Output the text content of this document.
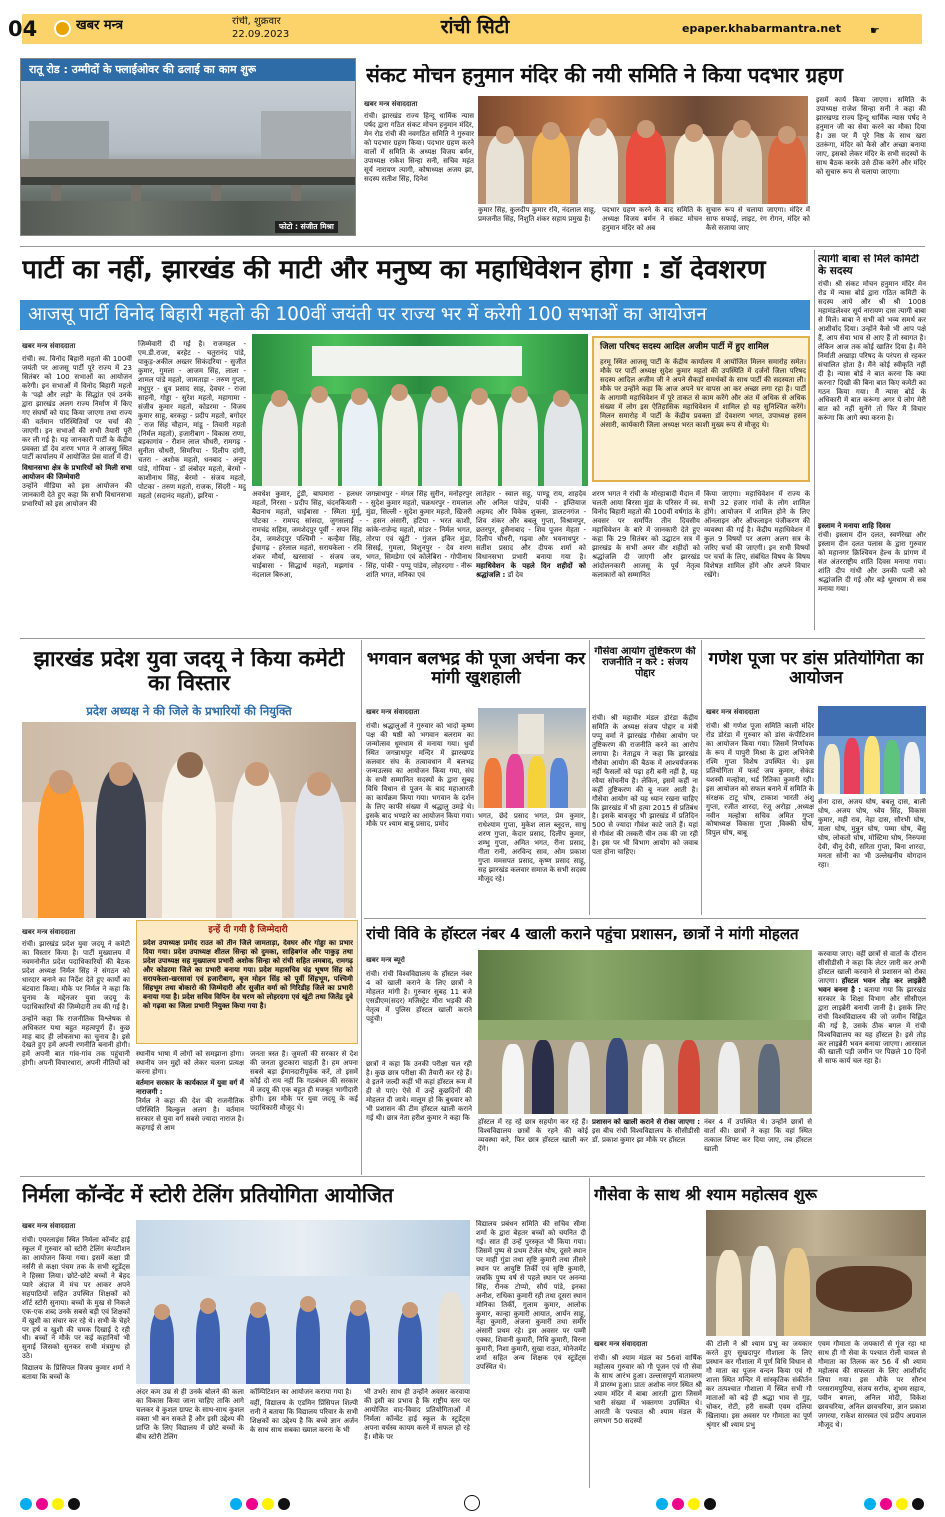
04	खबर मन्त्र	रांची, शुक्रवार
22.09.2023	रांची सिटी	epaper.khabarmantra.net	☛
रातू रोड : उम्मीदों के फ्लाईओवर की ढलाई का काम शुरू
फोटो : संजीत मिश्रा
संकट मोचन हनुमान मंदिर की नयी समिति ने किया पदभार ग्रहण
खबर मन्त्र संवाददाता
रांची। झारखंड राज्य हिन्दू धार्मिक न्यास पर्षद द्वारा गठित संकट मोचन हनुमान मंदिर, मेन रोड रांची की नवगठित समिति ने गुरुवार को पदभार ग्रहण किया। पदभार ग्रहण करने वालों में समिति के अध्यक्ष विजय बर्मन, उपाध्यक्ष राकेश सिन्हा सनी, सचिव महंत सूर्य नारायण त्यागी, कोषाध्यक्ष अजय झा, सदस्य सतीश सिंह, दिनेश
कुमार सिंह, कुलदीप कुमार रवि, नंदलाल साहू, प्रमजनीत सिंह, निशुति शंकर सहाय प्रमुख है।
पदभार ग्रहण करने के बाद समिति के अध्यक्ष विजय बर्मन ने संकट मोचन हनुमान मंदिर को अब
सुचारु रूप से चलाया जाएगा। मंदिर में साफ सफाई, लाइट, रंग रोगन, मंदिर को कैसे सजाया जाए
इसमें कार्य किया जाएगा। समिति के उपाध्यक्ष राजेश सिन्हा सनी ने कहा की झारखण्ड राज्य हिन्दू धार्मिक न्यास पर्षद ने हनुमान जी का सेवा करने का मौका दिया है। उस पर मैं पूरे निष्ठ के साथ खरा उतरूंगा, मंदिर को कैसे और अच्छा बनाया जाए, इसको लेकर मंदिर के सभी सदस्यों के साथ बैठक करके उसे ठीक करेंगे और मंदिर को सुचारु रूप से चलाया जाएगा।
पार्टी का नहीं, झारखंड की माटी और मनुष्य का महाधिवेशन होगा : डॉ देवशरण
आजसू पार्टी विनोद बिहारी महतो की 100वीं जयंती पर राज्य भर में करेगी 100 सभाओं का आयोजन
खबर मन्त्र संवाददाता
रांची। स्व. विनोद बिहारी महतो की 100वीं जयंती पर आजसू पार्टी पूरे राज्य में 23 सितंबर को 100 सभाओं का आयोजन करेगी। इन सभाओं में विनोद बिहारी महतो के 'पढ़ो और लड़ो' के सिद्धांत एवं उनके द्वारा झारखंड अलग राज्य निर्माण में किए गए संघर्षों को याद किया जाएगा तथा राज्य की वर्तमान परिस्थितियों पर चर्चा की जाएगी। इन सभाओं की सभी तैयारी पूरी कर ली गई है। यह जानकारी पार्टी के केंद्रीय प्रवक्ता डॉ देव शरण भगत ने आजसू स्थित पार्टी कार्यालय में आयोजित प्रेस वार्ता में दी।
विधानसभा क्षेत्र के प्रभारियों को मिली सभा आयोजन की जिम्मेवारी
उन्होंने मीडिया को इस आयोजन की जानकारी देते हुए कहा कि सभी विधानसभा प्रभारियों को इस आयोजन की
जिम्मेवारी दी गई है। राजमहल - एम.डी.राजा, बरहेट - चतुरानंद पांडे, पाकुड़-अकील अख्तर सिकंदरिया - सुजीत कुमार, गुमला - आजम सिंह, लाला - शामल पांडे महतो, जामताड़ा - तरुण गुप्ता, मधुपुर - ध्रुव प्रसाद साह, देवघर - राजा साहनी, गोड्डा - सुरेश महतो, महागामा - संजीव कुमार महतो, कोडरमा - विजय कुमार साहू, बरकट्ठा - प्रदीप महतो, बगोदर - राज सिंह चौहान, मांडू - तिवारी महतो (निर्मल महतो), हजारीबाग - विकास राणा, बड़कागांव - रौशन लाल चौधरी, रामगढ़ - सुनीता चौधरी, सिमरिया - दिलीप दांगी, चतरा - अशोक महतो, धनबाद - अनूप पांडे, गोमिया - डॉ लंबोदर महतो, बेरमो - काशीनाथ सिंह, बेरमो - संजय महतो, पोटका - तरुण महतो, राजक, सिंदरी - मदु महतो (सदानंद महतो), झरिया -	अवधेश कुमार, टुंडी, बाघमारा - हलधर महतो, निरसा - प्रदीप सिंह, चंदनकियारी - बैद्यनाथ महतो, चाईबासा - स्मिता मुर्मू, पोटका - रामपद सांसदा, जुगसलाई - रामचंद्र सहिस, जमशेदपुर पूर्वी - सपन सिंह देव, जमशेदपुर पश्चिमी - कन्हैया सिंह, ईचागढ़ - हरेलाल महतो, सरायकेला - रवि शंकर मौर्या, खरसावां - संजय जय, चाईबासा - सिद्धार्थ महतो, मझगांव - नंदलाल बिरुआ,
जगन्नाथपुर - मंगल सिंह सुरीन, मनोहरपुर - सुदेश कुमार महतो, चक्रधरपुर - रामलाल मुंडा, सिल्ली - सुदेश कुमार महतो, खिजरी - हसन अंसारी, हटिया - भरत काशी, कांके-राजेन्द्र महतो, मांडर - निर्मल भगत, तोरपा एवं खूंटी - गुंजल इकिर मुंडा, सिसई, गुमला, विशुनपुर - देव शरण भगत, सिमडेगा एवं कोलेबिरा - गोपीनाथ सिंह, पांकी - पप्पू पांडेय, लोहरदगा - नीरू शांति भगत, मनिका एवं
लातेहार - स्वाल सहू, पाण्डू राय, शाहदेव और अनिल पांडेय, पांकी - इम्तियाज अहमद और विवेक शुक्ला, डालटनगंज - शिव शंकर और बबलू गुप्ता, विश्रामपुर, छतरपुर, हुसैनाबाद - शिव पूजन मेहता - दिलीप चौधरी, गढ़वा और भवनाथपुर - सतीश प्रसाद और दीपक शर्मा को विधानसभा प्रभारी बनाया गया है। महाधिवेशन के पहले दिन शहीदों को श्रद्धांजलि : डॉ देव
जिला परिषद सदस्य आदिल अजीम पार्टी में हुए शामिल
हरमू स्थित आजसू पार्टी के केंद्रीय कार्यालय में आयोजित मिलन समारोह समेत। मौके पर पार्टी अध्यक्ष सुदेश कुमार महतो की उपस्थिति में दर्जनों जिला परिषद सदस्य आदिल अजीम जी ने अपने सैकड़ों समर्थकों के साथ पार्टी की सदस्यता ली। मौके पर उन्होंने कहा कि आज अपने घर वापस आ कर अच्छा लगा रहा है। पार्टी के आगामी महाधिवेशन में पूरे ताकत से काम करेंगे और अंत में अधिक से अधिक संख्या में लोग इस ऐतिहासिक महाधिवेशन में शामिल हो यह सुनिश्चित करेंगे। मिलन समारोह में पार्टी के केंद्रीय प्रवक्ता डॉ देवशरण भगत, उपाध्यक्ष हसन अंसारी, कार्यकारी जिला अध्यक्ष भरत काशी मुख्य रूप से मौजूद थे।
शरण भगत ने रांची के मोरहाबादी मैदान में चलती आया बिरसा मुंडा के परिसर में स्व. विनोद बिहारी महतो की 100वीं वर्षगांठ के अवसर पर समर्पित तीन दिवसीय महाधिवेशन के बारे में जानकारी देते हुए कहा कि 29 सितंबर को उद्घाटन सत्र में झारखंड के सभी अमर वीर शहीदों को श्रद्धांजलि दी जाएगी और झारखंड आंदोलनकारी आजसू के पूर्व नेतृत्व कलाकारों को सम्मानित
किया जाएगा। महाधिवेशन में राज्य के सभी 32 हजार गांवों के लोग शामिल होंगे। आयोजन में शामिल होने के लिए ऑनलाइन और ऑफलाइन पंजीकरण की व्यवस्था की गई है। केंद्रीय महाधिवेशन में कुल 9 विषयों पर अलग अलग सत्र के जरिए चर्चा की जाएगी। इन सभी विषयों पर चर्चा के लिए, संबंधित विषय के विषय विशेषज्ञ शामिल होंगे और अपने विचार रखेंगे।
त्यागी बाबा से मिले कमिटी के सदस्य
रांची। श्री संकट मोचन हनुमान मंदिर मेन रोड में न्यास बोर्ड द्वारा गठित कमिटी के सदस्य आये और श्री श्री 1008 महामंडलेश्वर सूर्य नारायण दास त्यागी बाबा से मिले। बाबा ने सभी को भव्य समर्थ कर आशीर्वाद दिया। उन्होंने कैसे भी आप पक्षे हैं, आप सेवा भाव से आए हैं तो स्वागत है। लेकिन आज तक कोई खातिर दिया है। मैंने निर्माती अखाड़ा परिषद के परंपरा से रहकर संचालित होता है। मैंने कोई स्वीकृति नहीं दी है। न्यास बोर्ड ने बात करना कि क्या करना? दिखी की बिना बात किए कमेटी का गठन किया गया। मैं न्यास बोर्ड के अधिकारी में बात करूंगा अगर ये लोग मेरी बात को नहीं सुनेंगे तो फिर मैं विचार करूंगा कि आगे क्या करना है।
इस्लाम ने मनाया शाहि दिवस
रांची। इस्लाम दीन दलत, स्वर्णरेखा और इस्लाम दीन दलत पलास के द्वारा गुरुवार को महानगर क्रिश्चियन हेल्थ के प्रांगण में संत अंतरराष्ट्रीय शांति दिवस मनाया गया। शांति दीप गांधी और उनकी पत्नी को श्रद्धांजलि दी गई और बड़े धूमधाम से सब मनाया गया।
झारखंड प्रदेश युवा जदयू ने किया कमेटी का विस्तार
प्रदेश अध्यक्ष ने की जिले के प्रभारियों की नियुक्ति
खबर मन्त्र संवाददाता
रांची। झारखंड प्रदेश युवा जदयू ने कमेटी का विस्तार किया है। पार्टी मुख्यालय में नवमनोनीत प्रदेश पदाधिकारियों की बैठक प्रदेश अध्यक्ष निर्मल सिंह ने संगठन को धारदार बनाने का निर्देश देते हुए कार्यों का बंटवारा किया। मौके पर निर्मल ने कहा कि चुनाव के मद्देनजर युवा जदयू के पदाधिकारियों की जिम्मेदारी तय की गई है।
उन्होंने कहा कि राजनीतिक विश्लेषक से अधिकतर यथा बहुत महत्वपूर्ण हैं। कुछ माह बाद ही लोकसभा का चुनाव है। इसे देखते हुए हमें अपनी रणनीति बनानी होगी। हमें अपनी बात गांव-गांव तक पहुंचानी होगी। अपनी विचारधारा, अपनी नीतियों को
इन्हें दी गयी है जिम्मेदारी
प्रदेश उपाध्यक्ष प्रमोद राउत को तीन जिले जामताड़ा, देवघर और गोड्डा का प्रभार दिया गया। प्रदेश उपाध्यक्ष शीतल सिन्हा को दुमका, साहिबगंज और पाकुड़ तथा प्रदेश उपाध्यक्ष सह मुख्यालय प्रभारी अशोक सिन्हा को रांची सहित लमबाद, रामगढ़ और कोडरमा जिले का प्रभारी बनाया गया। प्रदेश महासचिव चंद्र भूषण सिंह को सरायकेला-खरसावां एवं हजारीबाग, बृज मोहन सिंह को पूर्वी सिंहभूम, पश्चिमी सिंहभूम तथा बोकारो की जिम्मेदारी और सुजीत वर्मा को गिरिडीह जिले का प्रभारी बनाया गया है। प्रदेश सचिव विपिन देव चरण को लोहरदगा एवं खूंटी तथा जितेंद्र दुबे को गढ़वा का जिला प्रभारी नियुक्त किया गया है।
स्थानीय भाषा में लोगों को समझाना होगा। स्थानीय जन मुद्दों को लेकर चलना प्रत्यक्ष करना होगा।
वर्तमान सरकार के कार्यकाल में युवा वर्ग में नाराजगी :
निर्मल ने कहा की देश की राजनीतिक परिस्थिति बिल्कुल अलग है। वर्तमान सरकार से युवा वर्ग सबसे ज्यादा नाराज है। कहगाई से आम
जनता त्रस्त है। जुमलों की सरकार से देश की जनता छुटकारा चाहती है। हम अपना सबसे बड़ा ईमानदारीपूर्वक करें, तो इसमें कोई दो राय नहीं कि गठबंधन की सरकार में जदयू की एक बहुत ही मजबूत भागीदारी होगी। इस मौके पर युवा जदयू के कई पदाधिकारी मौजूद थे।
भगवान बलभद्र की पूजा अर्चना कर मांगी खुशहाली
खबर मन्त्र संवाददाता
रांची। श्रद्धालुओं ने गुरुवार को भादो कृष्ण पक्ष की षष्ठी को भगवान बलराम का जन्मोत्सव धूमधाम से मनाया गया। धुर्वा स्थित जगन्नाथपुर मन्दिर में झारखण्ड कलवार संघ के तत्वावधान में बलभद्र जन्मउत्सव का आयोजन किया गया, संघ के सभी सम्मानित सदस्यों के द्वारा सुबह विधि विधान से पूजन के बाद महाआरती का कार्यक्रम किया गया। भगवान के दर्शन के लिए काफी संख्या में श्रद्धालु उमड़े थे। इसके बाद भण्डारे का आयोजन किया गया। मौके पर श्याम बाबू प्रसाद, प्रमोद
भगत, छेदे प्रसाद भगत, प्रेम कुमार, राधेश्याम गुप्ता, मुकेश लाल ब्लूदत्त, साधु शरण गुप्ता, केदार प्रसाद, दिलीप कुमार, शम्भु गुप्ता, अमित भगत, रीना प्रसाद, गीता रानी, अरविन्द साव, ओम प्रकाश गुप्ता ममसपत प्रसाद, कृष्ण प्रसाद साहू, सह झारखंड कलवार समाज के सभी सदस्य मौजूद रहे।
गौसेवा आयोग तुष्टिकरण की राजनीति न करे : संजय पोद्दार
रांची। श्री महावीर मंडल डोरंडा केंद्रीय समिति के अध्यक्ष संजय पोद्दार व मंत्री पप्पू वर्मा ने झारखंड गौसेवा आयोग पर तुष्टिकरण की राजनीति करने का आरोप लगाया है। नेताद्वय ने कहा कि झारखंड गौसेवा आयोग की बैठक में आश्चर्यजनक नहीं फैसलों को पढ़ा हरी बनी नहीं है, यह रवैया सोचनीय है। लेकिन, इसमें कहीं ना कहीं तुष्टिकरण की बू नजर आती है। गौसेवा आयोग को यह ध्यान रखना चाहिए कि झारखंड में भी हत्या 2015 से प्रतिबंध है। इसके बावजूद भी झारखंड में प्रतिदिन 500 से ज्यादा गौवंश काटे जाते हैं। यहां से गौवंश की तस्करी चीन तक की जा रही है। इस पर भी विभाग आयोग को जवाब पता होना चाहिए।
गणेश पूजा पर डांस प्रतियोगिता का आयोजन
खबर मन्त्र संवाददाता
रांची। श्री गणेश पूजा समिति काली मंदिर रोड डोरंडा में गुरुवार को डांस कंपीटिशन का आयोजन किया गया। जिसमें निर्णायक के रूप में पापुरी मिश्रा के द्वारा अभिनेत्री रश्मि गुप्ता विशेष उपस्थित थे। इस प्रतियोगिता में फर्स्ट जय कुमार, सेकंड यशस्वी मल्होत्रा, थर्ड रितिका कुमारी रही। इस आयोजन को सफल बनाने में समिति के संरक्षक टाटू घोष, टाकाश भारती अंशु गुप्ता, रजीत शारदा, रंजू अरोड़ा ,अध्यक्ष नवीन मल्होत्रा सचिव अमित गुप्ता कोषाध्यक्ष विकास गुप्ता ,विक्की घोष, विपुल घोष, बाबू
सेना दास, अजय घोष, बबलू दास, बाली घोष, अजय घोष, ध्वेय सिंह, विकास कुमार, मही राव, नेहा दास, सौरभी घोष, माला घोष, मुन्नुन घोष, पम्मा घोष, बेंसु घोष, लोकतो घोष, मोस्टिमा घोष, निरुपमा देवी, वीनू देवी, सरिता गुप्ता, बिना शारदा, मनता सोनी का भी उल्लेखनीय योगदान रहा।
रांची विवि के हॉस्टल नंबर 4 खाली कराने पहुंचा प्रशासन, छात्रों ने मांगी मोहलत
खबर मन्त्र ब्यूरो
रांची। रांची विश्वविद्यालय के हॉस्टल नंबर 4 को खाली कराने के लिए छात्रों ने मोहलत मांगी है। गुरुवार सुबह 11 बजे एसडीएम(सदर) मजिस्ट्रेट मीरा भड़की की नेतृत्व में पुलिस हॉस्टल खाली कराने पहुंची।
छात्रों ने कहा कि उनकी परीक्षा चल रही है। कुछ छात्र परीक्षा की तैयारी कर रहे हैं। वे इतने जल्दी कहीं भी कहां हॉस्टल रूम में ही से पाएं। ऐसे में उन्हें कुछदिनों की मोहलत दी जाये। मालूम हो कि बुधवार को भी प्रशासन की टीम हॉस्टल खाली कराने गई थी। छात्र नेता हरीश कुमार ने कहा कि
हॉस्टल में रह रहे छात्र सहयोग कर रहे हैं। विश्वविद्यालय छात्रों के रहने की कोई व्यवस्था करे, फिर छात्र हॉस्टल खाली कर देंगे।
प्रशासन को खाली कराने से रोका जाएगा : इस बीच रांची विश्वविद्यालय के सीसीडीसी डॉ. प्रकाश कुमार झा मौके पर हॉस्टल
नंबर 4 में उपस्थित थे। उन्होंने छात्रों से वार्ता की। छात्रों ने कहा कि वहां स्थित तत्काल शिफ्ट कर दिया जाए, तब हॉस्टल खाली
करवाया जाए। वहीं छात्रों से वार्ता के दौरान सीसीडीसी ने कहा कि लेटर जारी कर अभी हॉस्टल खाली करवाने से प्रशासन को रोका जाएगा। हॉस्टल भवन तोड़ कर लाइब्रेरी भवन बनना है : बताया गया कि झारखंड सरकार के शिक्षा विभाग और सीसीएल द्वारा लाइब्रेरी बनायी जानी है। इसके लिए रांची विश्वविद्यालय की जो जमीन चिह्नित की गई है, उसके ठीक बगल में रांची विश्वविद्यालय का यह हॉस्टल है। इसे तोड़ कर लाइब्रेरी भवन बनाया जाएगा। आरसाल की खाली पड़ी जमीन पर पिछले 10 दिनों से साफ कार्य चल रहा है।
निर्मला कॉन्वेंट में स्टोरी टेलिंग प्रतियोगिता आयोजित
खबर मन्त्र संवाददाता
रांची। एयरलाइंस स्थित निर्मला कॉन्वेंट हाई स्कूल में गुरुवार को स्टोरी टेलिंग कंपटीशन का आयोजन किया गया। इसमें कक्षा प्री नर्सरी से कक्षा पंचम तक के सभी स्टूडेंट्स ने हिस्सा लिया। छोटे-छोटे बच्चों ने बेहद प्यारे अंदाज में मंच पर आकर अपने सहपाठियों सहित उपस्थित शिक्षकों को शॉर्ट स्टोरी सुनाया। बच्चों के मुख से निकले एक-एक शब्द उनके सबसे बड़ी एवं शिक्षकों में खुशी का संचार कर रहे थे। सभी के चेहरे पर हर्ष व खुशी की चमक दिखाई दे रही थी। बच्चों ने मौके पर कई कहानियों भी सुनाई जिसको सुनकर सभी मंत्रमुग्ध हो उठे।
विद्यालय के प्रिंसिपल विजय कुमार शर्मा ने बताया कि बच्चों के
अंदर कम उम्र से ही उनके बोलने की कला का विकास किया जाना चाहिए ताकि आगे चलकर वे कुशल ग्राफ्ट के साथ-साथ कुशल वक्ता भी बन सकते हैं और इसी उद्देश्य की प्राप्ति के लिए विद्यालय में छोटे बच्चों के बीच स्टोरी टेलिंग
कॉम्पिटिशन का आयोजन कराया गया है।
वहीं, विद्यालय के एडमिन प्रिंसिपल शिल्पी रानी ने बताया कि विद्यालय परिवार के सभी शिक्षकों का उद्देश्य है कि बच्चे ज्ञान अर्जन के साथ साथ सबका ख्याल करना के भी
भी उभरें। साथ ही उन्होंने अवसर करवाया की इसी का प्रभाव है कि राष्ट्रीय स्तर पर आयोजित वाद-विवाद प्रतियोगिताओं में निर्मला कॉन्वेंट हाई स्कूल के स्टूडेंट्स अपना वर्चस्व कायम करने में सफल हो रहे हैं। मौके पर
विद्यालय प्रबंधन समिति की सचिव सीमा शर्मा के द्वारा बेहतर बच्चों को चयनित दी गई। सात ही उन्हें पुरस्कृत भी किया गया। जिसमें पुष्प से प्रथम टेंजेल थोष, दूसरे स्थान पर माही गुंडा तथा सृष्टि कुमारी तथा तीसरे स्थान पर आयुष्टि तिर्की एवं सृष्टि कुमारी, जबकि पुष्प वर्ष से पहले स्थान पर अनन्या सिंह, रौनक टोप्पो, सौर्य पांडे, इनका अनीश, राधिका कुमारी रही तथा दूसरा स्थान मोनिका तिर्की, गुलाम कुमार, आलोक कुमार, कान्हा कुमारी आयात, आर्यन साहू, नेहा कुमारी, अंजना कुमारी तथा समीर अंसारी प्रथम रहे। इस अवसर पर पम्मी एक्का, शिवानी कुमारी, निधि कुमारी, विरना कुमारी, निशा कुमारी, सुखा राउत, मोनेजमेंट शर्मा सहित अन्य शिक्षक एवं स्टूडेंट्स उपस्थित थे।
गौसेवा के साथ श्री श्याम महोत्सव शुरू
खबर मन्त्र संवाददाता
रांची। श्री श्याम मंडल का 56वां वार्षिक महोत्सव गुरुवार को गौ पूजन एवं गौ सेवा के साथ आरंभ हुआ। उल्लासपूर्ण वातावरण में प्रारम्भ हुआ। प्रातः अशोक नगर स्थित श्री श्याम मंदिर में बाबा आरती द्वारा जिसमें भारी संख्या में भक्तगण उपस्थित थे। आरती के पश्चात श्री श्याम मंडल के लगभग 50 सदस्यों
की टोली ने श्री श्याम प्रभु का जयकार करते हुए सुखदापुर गौशाला के लिए प्रस्थान कर गौशाला में पूर्ण विधि विधान से गौ माता का पूजन वन्दन किया एवं गौ शाला स्थित मन्दिर में सांस्कृतिक संकीर्तन कर तत्पश्चात गौशाला में स्थित सभी गौ माताओं को बड़े ही श्रद्धा भाव से गुड़, चोकर, रोटी, हरी सब्जी एवम दलिया खिलाया। इस अवसर पर गौमाता का पूर्ण श्रृंगार श्री श्याम प्रभु
एवम गौमाता के जयकारों से गूंज रहा था साथ ही गौ सेवा के पश्चात रोली चावल से गौमाता का तिलक कर 56 वें श्री श्याम महोत्सव की सफलता के लिए आशीर्वाद लिया गया। इस मौके पर सौरभ परसरामपुरिया, संजय सर्राफ, शुभम सहाय, पवीन बगला, अनिल मोदी, विकेश छावचरिया, अनिल छावचरिया, ज्ञान प्रकाश जगरया, राकेश सारस्वत एवं प्रदीप अग्रवाल मौजूद थे।
